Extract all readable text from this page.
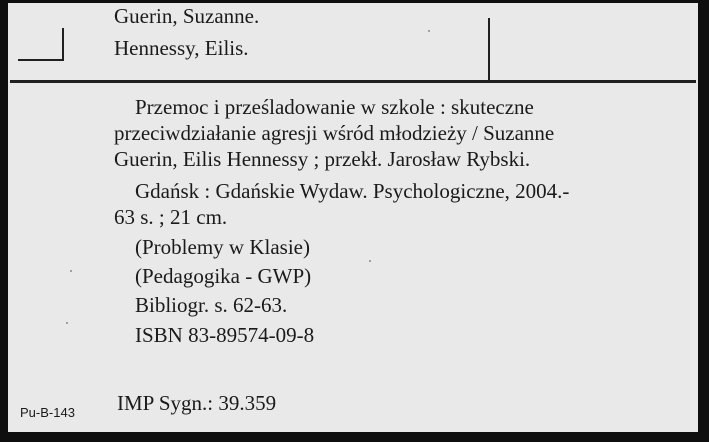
Guerin, Suzanne.
Hennessy, Eilis.
Przemoc i prześladowanie w szkole : skuteczne
przeciwdziałanie agresji wśród młodzieży / Suzanne
Guerin, Eilis Hennessy ; przekł. Jarosław Rybski.
Gdańsk : Gdańskie Wydaw. Psychologiczne, 2004.-
63 s. ; 21 cm.
(Problemy w Klasie)
(Pedagogika - GWP)
Bibliogr. s. 62-63.
ISBN 83-89574-09-8
Pu-B-143 IMP Sygn.: 39.359
